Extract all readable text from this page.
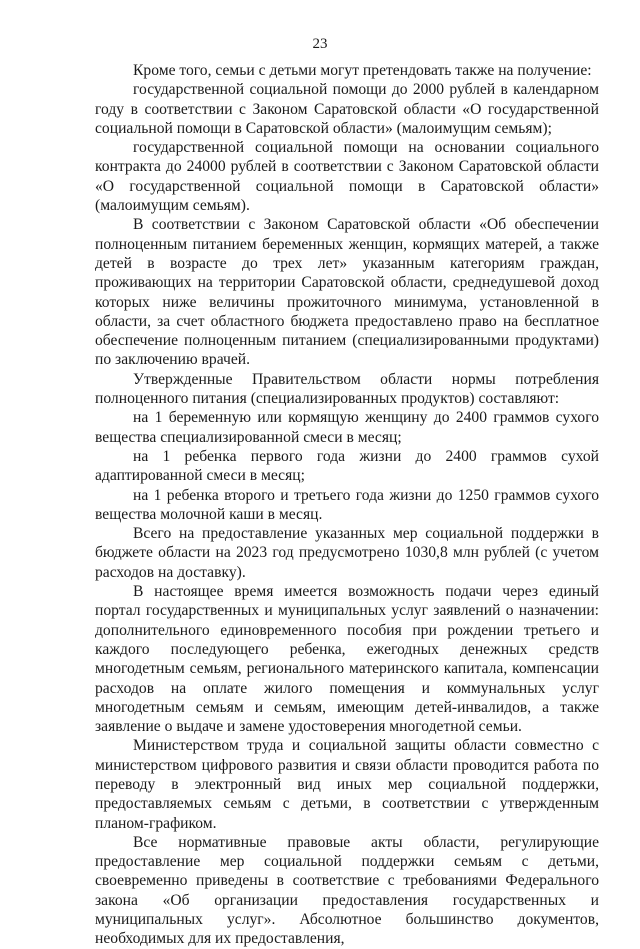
23

Кроме того, семьи с детьми могут претендовать также на получение:

государственной социальной помощи до 2000 рублей в календарном году в соответствии с Законом Саратовской области «О государственной социальной помощи в Саратовской области» (малоимущим семьям);

государственной социальной помощи на основании социального контракта до 24000 рублей в соответствии с Законом Саратовской области «О государственной социальной помощи в Саратовской области» (малоимущим семьям).

В соответствии с Законом Саратовской области «Об обеспечении полноценным питанием беременных женщин, кормящих матерей, а также детей в возрасте до трех лет» указанным категориям граждан, проживающих на территории Саратовской области, среднедушевой доход которых ниже величины прожиточного минимума, установленной в области, за счет областного бюджета предоставлено право на бесплатное обеспечение полноценным питанием (специализированными продуктами) по заключению врачей.

Утвержденные Правительством области нормы потребления полноценного питания (специализированных продуктов) составляют:

на 1 беременную или кормящую женщину до 2400 граммов сухого вещества специализированной смеси в месяц;

на 1 ребенка первого года жизни до 2400 граммов сухой адаптированной смеси в месяц;

на 1 ребенка второго и третьего года жизни до 1250 граммов сухого вещества молочной каши в месяц.

Всего на предоставление указанных мер социальной поддержки в бюджете области на 2023 год предусмотрено 1030,8 млн рублей (с учетом расходов на доставку).

В настоящее время имеется возможность подачи через единый портал государственных и муниципальных услуг заявлений о назначении: дополнительного единовременного пособия при рождении третьего и каждого последующего ребенка, ежегодных денежных средств многодетным семьям, регионального материнского капитала, компенсации расходов на оплате жилого помещения и коммунальных услуг многодетным семьям и семьям, имеющим детей-инвалидов, а также заявление о выдаче и замене удостоверения многодетной семьи.

Министерством труда и социальной защиты области совместно с министерством цифрового развития и связи области проводится работа по переводу в электронный вид иных мер социальной поддержки, предоставляемых семьям с детьми, в соответствии с утвержденным планом-графиком.

Все нормативные правовые акты области, регулирующие предоставление мер социальной поддержки семьям с детьми, своевременно приведены в соответствие с требованиями Федерального закона «Об организации предоставления государственных и муниципальных услуг». Абсолютное большинство документов, необходимых для их предоставления,
